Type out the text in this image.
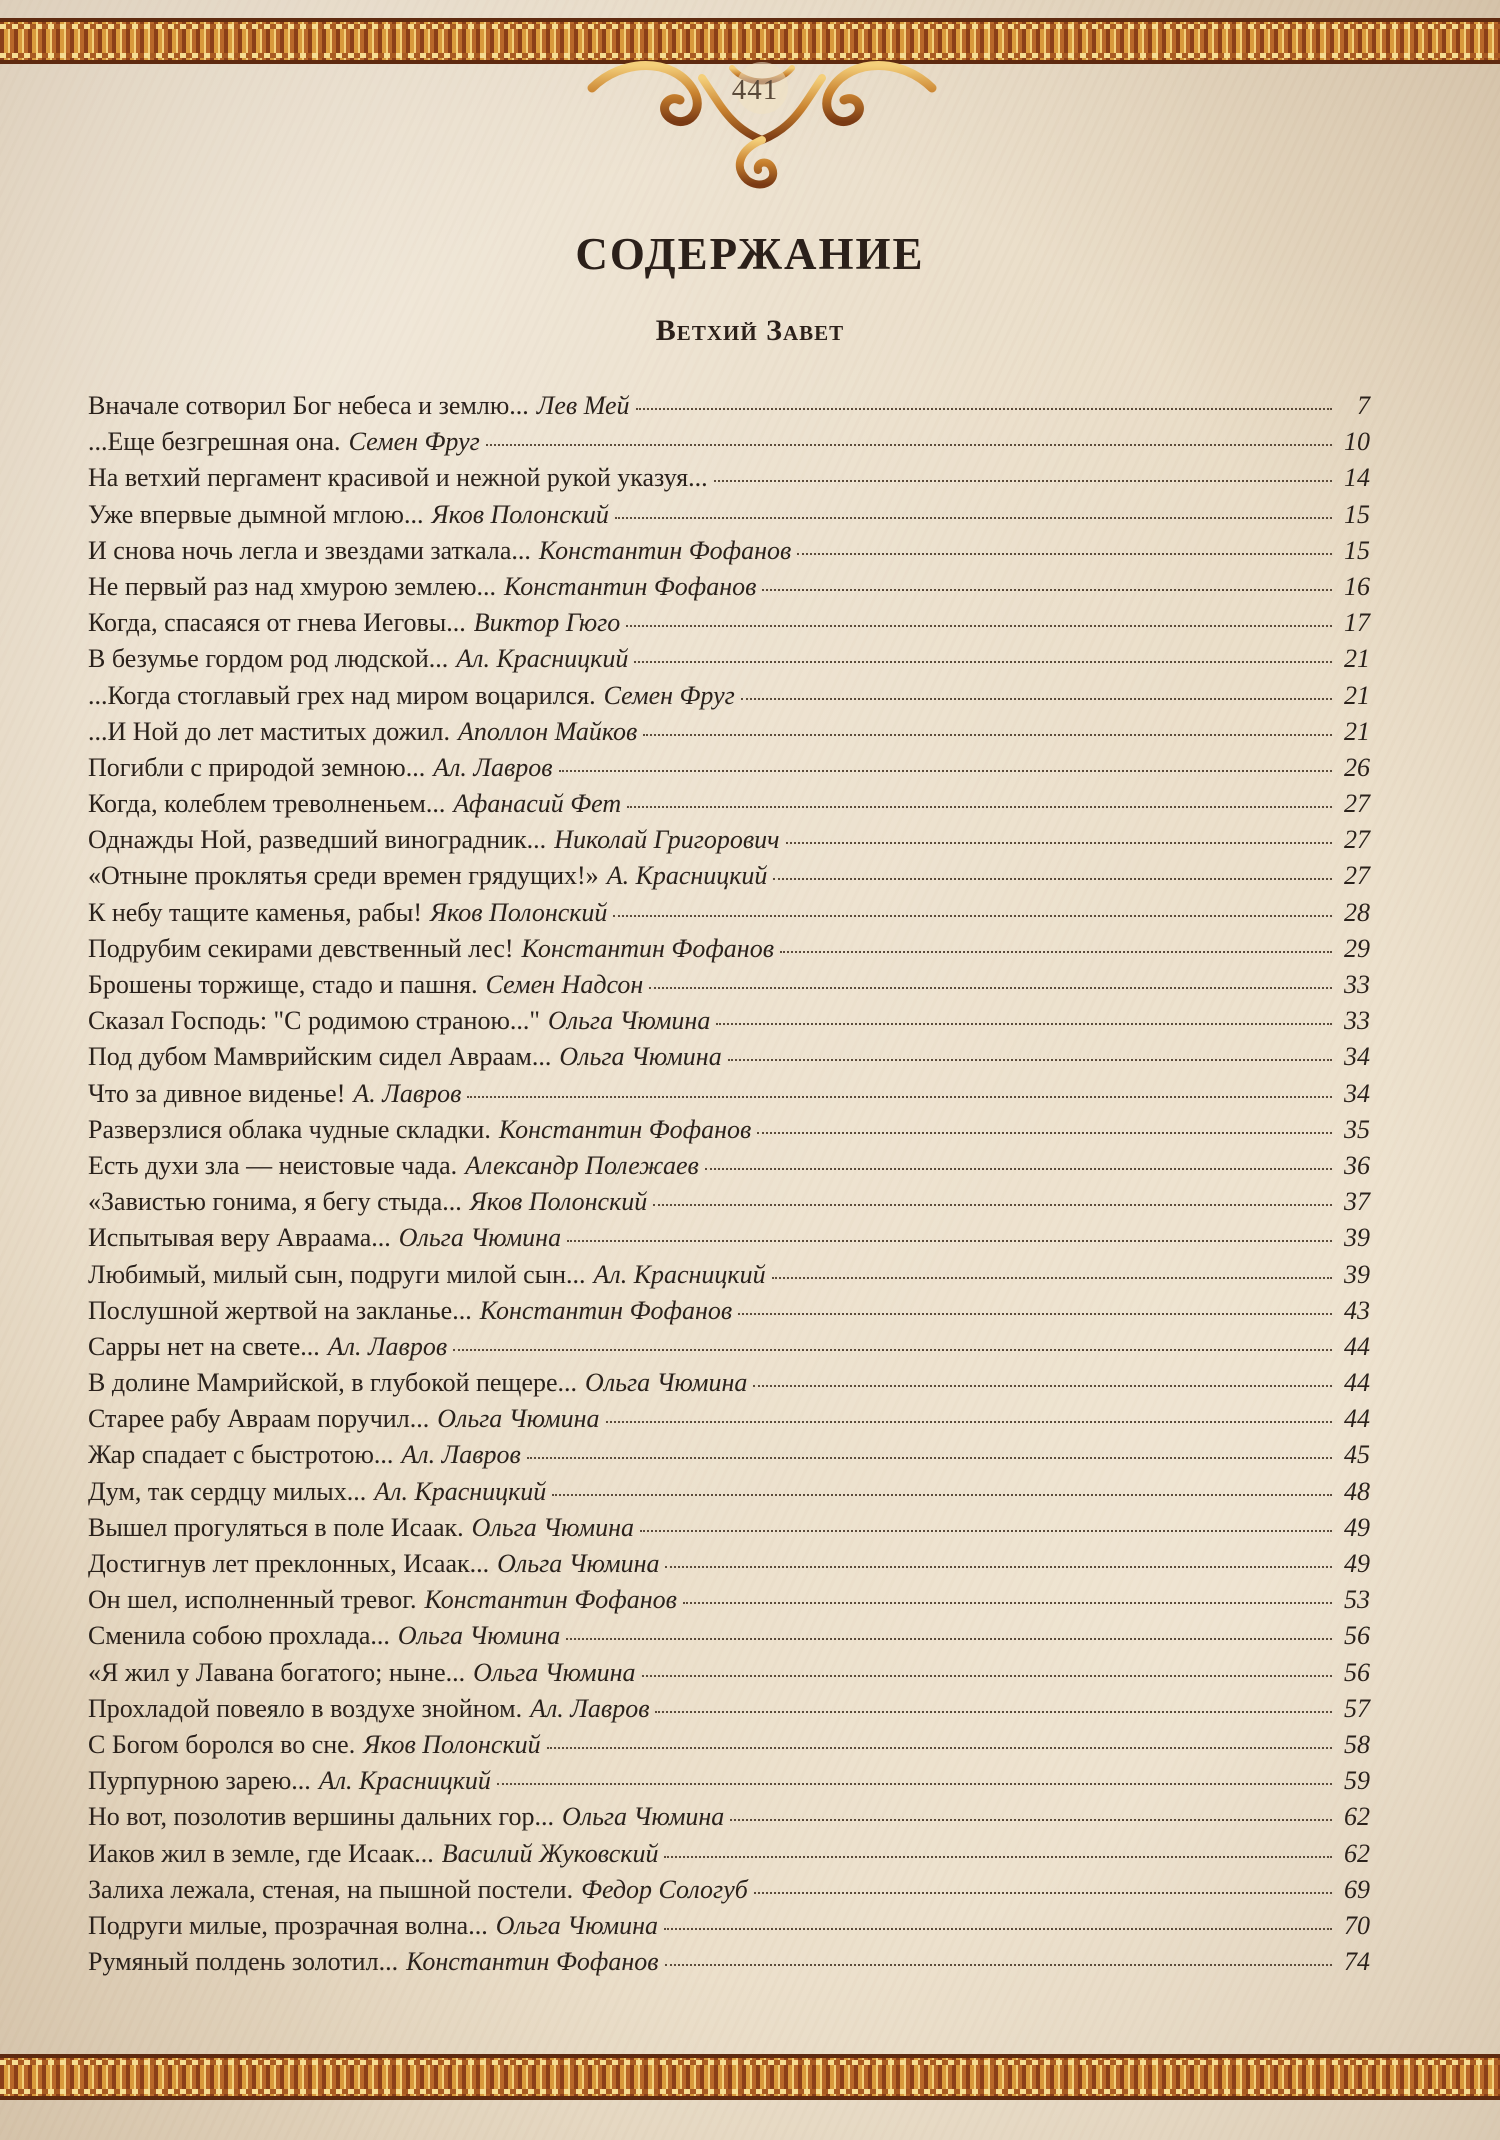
441
СОДЕРЖАНИЕ
Ветхий Завет
Вначале сотворил Бог небеса и землю... Лев Мей	7
...Еще безгрешная она. Семен Фруг	10
На ветхий пергамент красивой и нежной рукой указуя...	14
Уже впервые дымной мглою... Яков Полонский	15
И снова ночь легла и звездами заткала... Константин Фофанов	15
Не первый раз над хмурою землею... Константин Фофанов	16
Когда, спасаяся от гнева Иеговы... Виктор Гюго	17
В безумье гордом род людской... Ал. Красницкий	21
...Когда стоглавый грех над миром воцарился. Семен Фруг	21
...И Ной до лет маститых дожил. Аполлон Майков	21
Погибли с природой земною... Ал. Лавров	26
Когда, колеблем треволненьем... Афанасий Фет	27
Однажды Ной, разведший виноградник... Николай Григорович	27
«Отныне проклятья среди времен грядущих!» А. Красницкий	27
К небу тащите каменья, рабы! Яков Полонский	28
Подрубим секирами девственный лес! Константин Фофанов	29
Брошены торжище, стадо и пашня. Семен Надсон	33
Сказал Господь: "С родимою страною..." Ольга Чюмина	33
Под дубом Мамврийским сидел Авраам... Ольга Чюмина	34
Что за дивное виденье! А. Лавров	34
Разверзлися облака чудные складки. Константин Фофанов	35
Есть духи зла — неистовые чада. Александр Полежаев	36
«Завистью гонима, я бегу стыда... Яков Полонский	37
Испытывая веру Авраама... Ольга Чюмина	39
Любимый, милый сын, подруги милой сын... Ал. Красницкий	39
Послушной жертвой на закланье... Константин Фофанов	43
Сарры нет на свете... Ал. Лавров	44
В долине Мамрийской, в глубокой пещере... Ольга Чюмина	44
Старее рабу Авраам поручил... Ольга Чюмина	44
Жар спадает с быстротою... Ал. Лавров	45
Дум, так сердцу милых... Ал. Красницкий	48
Вышел прогуляться в поле Исаак. Ольга Чюмина	49
Достигнув лет преклонных, Исаак... Ольга Чюмина	49
Он шел, исполненный тревог. Константин Фофанов	53
Сменила собою прохлада... Ольга Чюмина	56
«Я жил у Лавана богатого; ныне... Ольга Чюмина	56
Прохладой повеяло в воздухе знойном. Ал. Лавров	57
С Богом боролся во сне. Яков Полонский	58
Пурпурною зарею... Ал. Красницкий	59
Но вот, позолотив вершины дальних гор... Ольга Чюмина	62
Иаков жил в земле, где Исаак... Василий Жуковский	62
Залиха лежала, стеная, на пышной постели. Федор Сологуб	69
Подруги милые, прозрачная волна... Ольга Чюмина	70
Румяный полдень золотил... Константин Фофанов	74
